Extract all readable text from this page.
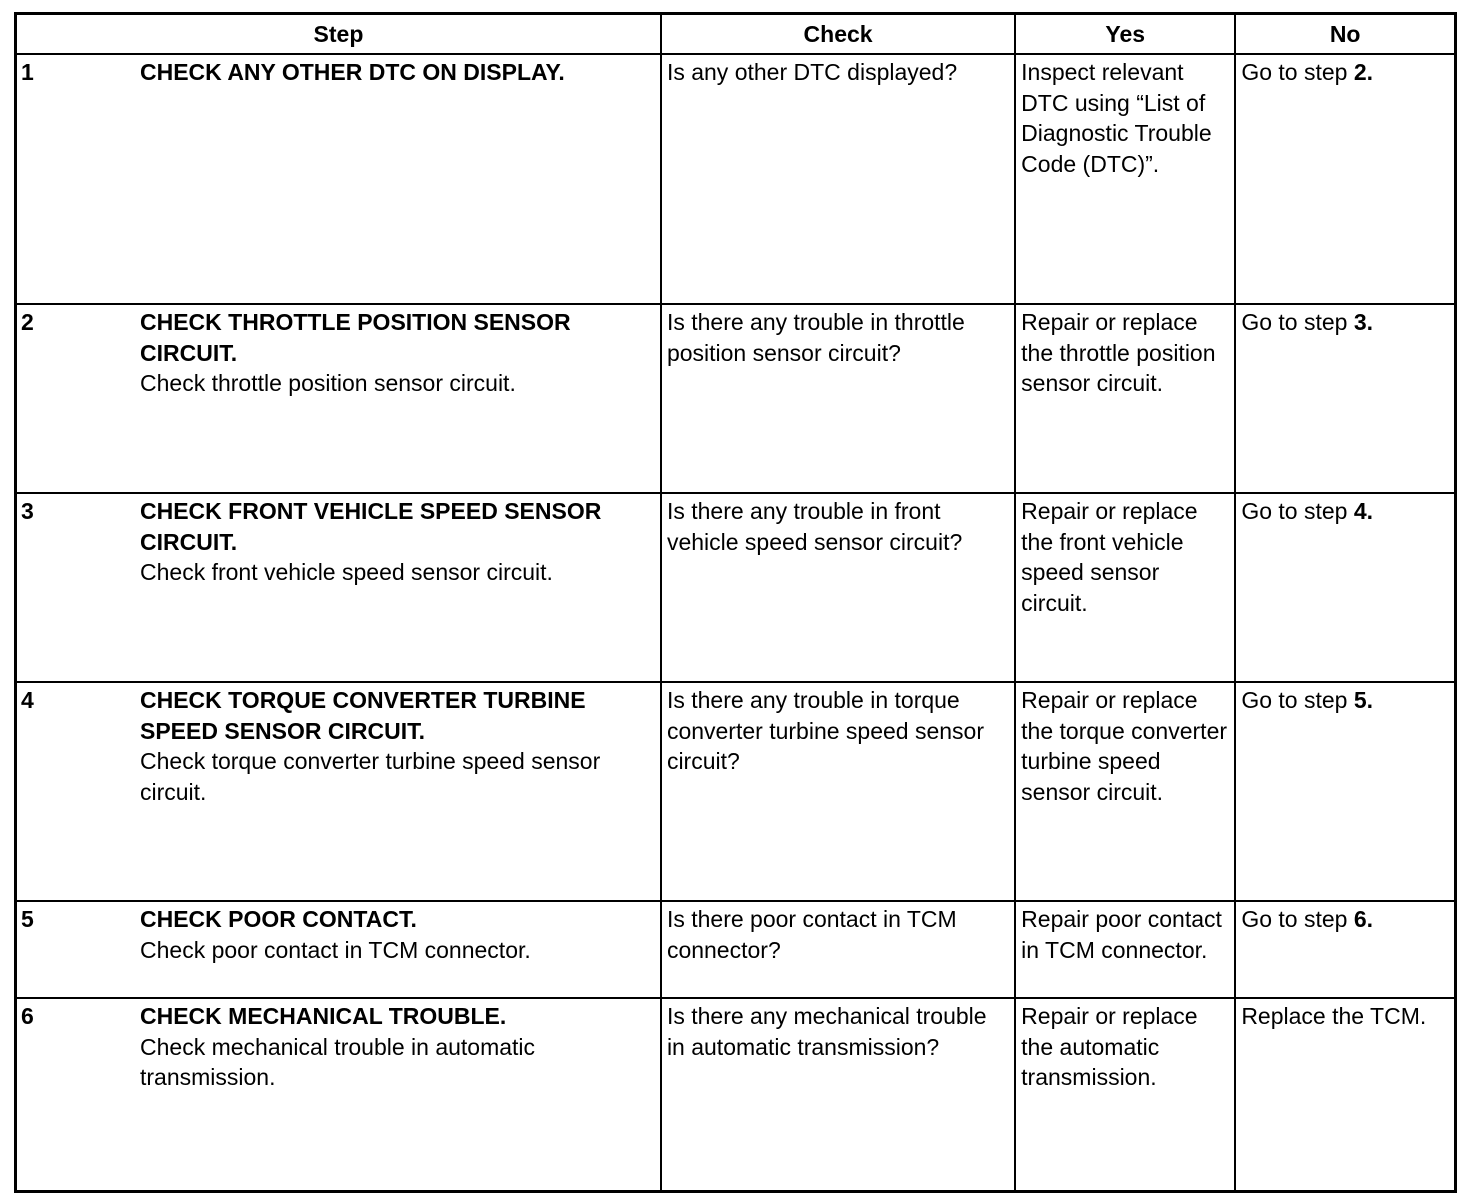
Step	Check	Yes	No

1 CHECK ANY OTHER DTC ON DISPLAY.	Is any other DTC displayed?	Inspect relevant DTC using “List of Diagnostic Trouble Code (DTC)”.	Go to step 2.

2 CHECK THROTTLE POSITION SENSOR CIRCUIT.
Check throttle position sensor circuit.	Is there any trouble in throttle position sensor circuit?	Repair or replace the throttle position sensor circuit.	Go to step 3.

3 CHECK FRONT VEHICLE SPEED SENSOR CIRCUIT.
Check front vehicle speed sensor circuit.	Is there any trouble in front vehicle speed sensor circuit?	Repair or replace the front vehicle speed sensor circuit.	Go to step 4.

4 CHECK TORQUE CONVERTER TURBINE SPEED SENSOR CIRCUIT.
Check torque converter turbine speed sensor circuit.	Is there any trouble in torque converter turbine speed sensor circuit?	Repair or replace the torque converter turbine speed sensor circuit.	Go to step 5.

5 CHECK POOR CONTACT.
Check poor contact in TCM connector.	Is there poor contact in TCM connector?	Repair poor contact in TCM connector.	Go to step 6.

6 CHECK MECHANICAL TROUBLE.
Check mechanical trouble in automatic transmission.	Is there any mechanical trouble in automatic transmission?	Repair or replace the automatic transmission.	Replace the TCM.
